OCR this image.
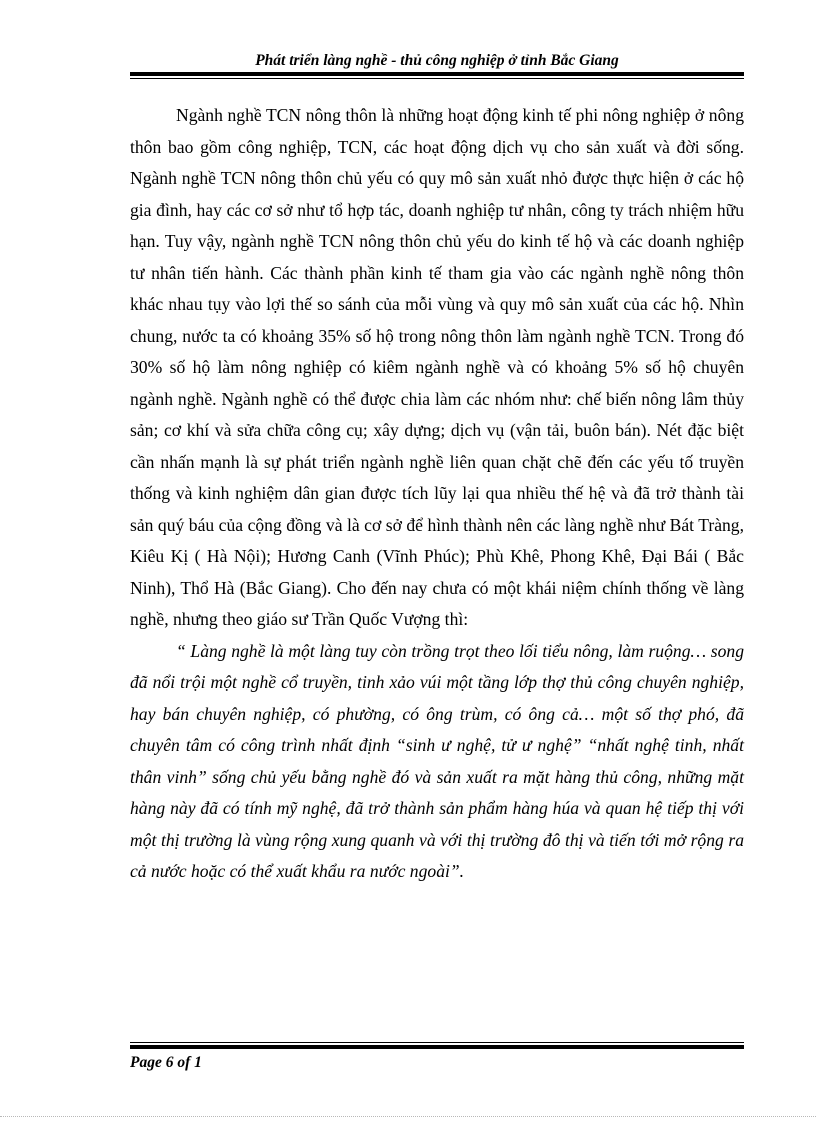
Phát triển làng nghề - thủ công nghiệp ở tỉnh Bắc Giang

Ngành nghề TCN nông thôn là những hoạt động kinh tế phi nông nghiệp ở nông thôn bao gồm công nghiệp, TCN, các hoạt động dịch vụ cho sản xuất và đời sống. Ngành nghề TCN nông thôn chủ yếu có quy mô sản xuất nhỏ được thực hiện ở các hộ gia đình, hay các cơ sở như tổ hợp tác, doanh nghiệp tư nhân, công ty trách nhiệm hữu hạn. Tuy vậy, ngành nghề TCN nông thôn chủ yếu do kinh tế hộ và các doanh nghiệp tư nhân tiến hành. Các thành phần kinh tế tham gia vào các ngành nghề nông thôn khác nhau tụy vào lợi thế so sánh của mỗi vùng và quy mô sản xuất của các hộ. Nhìn chung, nước ta có khoảng 35% số hộ trong nông thôn làm ngành nghề TCN. Trong đó 30% số hộ làm nông nghiệp có kiêm ngành nghề và có khoảng 5% số hộ chuyên ngành nghề. Ngành nghề có thể được chia làm các nhóm như: chế biến nông lâm thủy sản; cơ khí và sửa chữa công cụ; xây dựng; dịch vụ (vận tải, buôn bán). Nét đặc biệt cần nhấn mạnh là sự phát triển ngành nghề liên quan chặt chẽ đến các yếu tố truyền thống và kinh nghiệm dân gian được tích lũy lại qua nhiều thế hệ và đã trở thành tài sản quý báu của cộng đồng và là cơ sở để hình thành nên các làng nghề như Bát Tràng, Kiêu Kị ( Hà Nội); Hương Canh (Vĩnh Phúc); Phù Khê, Phong Khê, Đại Bái ( Bắc Ninh), Thổ Hà (Bắc Giang). Cho đến nay chưa có một khái niệm chính thống về làng nghề, nhưng theo giáo sư Trần Quốc Vượng thì:

“ Làng nghề là một làng tuy còn trồng trọt theo lối tiểu nông, làm ruộng… song đã nổi trội một nghề cổ truyền, tinh xảo vúi một tầng lớp thợ thủ công chuyên nghiệp, hay bán chuyên nghiệp, có phường, có ông trùm, có ông cả… một số thợ phó, đã chuyên tâm có công trình nhất định “sinh ư nghệ, tử ư nghệ” “nhất nghệ tinh, nhất thân vinh” sống chủ yếu bằng nghề đó và sản xuất ra mặt hàng thủ công, những mặt hàng này đã có tính mỹ nghệ, đã trở thành sản phẩm hàng húa và quan hệ tiếp thị với một thị trường là vùng rộng xung quanh và với thị trường đô thị và tiến tới mở rộng ra cả nước hoặc có thể xuất khẩu ra nước ngoài”.

Page 6 of 1
